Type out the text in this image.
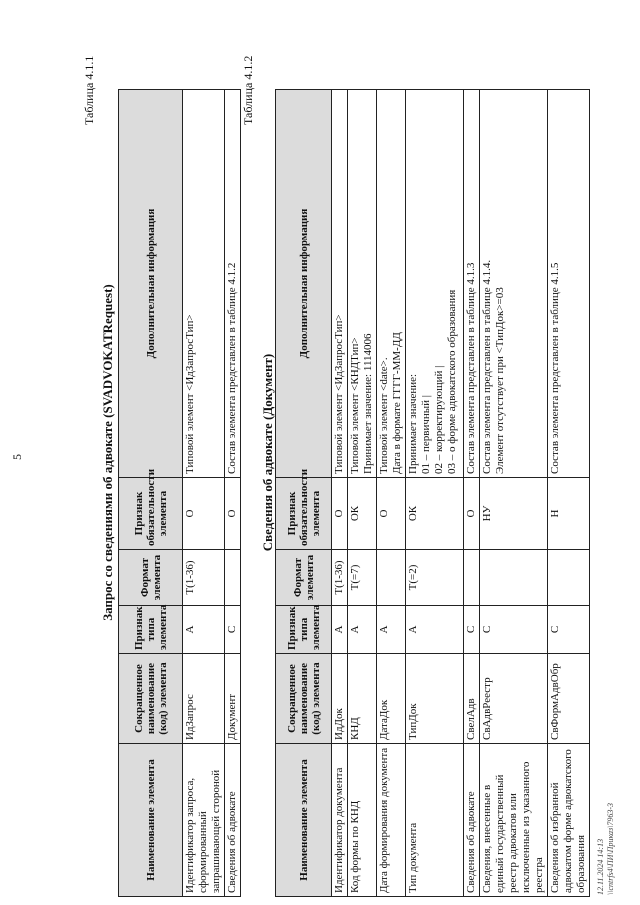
5
Таблица 4.1.1
Запрос со сведениями об адвокате (SVADVOKATRequest)
Наименование элемента	Сокращенное наименование (код) элемента	Признак типа элемента	Формат элемента	Признак обязательности элемента	Дополнительная информация
Идентификатор запроса, сформированный запрашивающей стороной	ИдЗапрос	А	Т(1-36)	О	Типовой элемент <ИдЗапросТип>
Сведения об адвокате	Документ	С		О	Состав элемента представлен в таблице 4.1.2
Таблица 4.1.2
Сведения об адвокате (Документ)
Наименование элемента	Сокращенное наименование (код) элемента	Признак типа элемента	Формат элемента	Признак обязательности элемента	Дополнительная информация
Идентификатор документа	ИдДок	А	Т(1-36)	О	Типовой элемент <ИдЗапросТип>
Код формы по КНД	КНД	А	Т(=7)	ОК	Типовой элемент <КНДТип>
Принимает значение: 1114006
Дата формирования документа	ДатаДок	А		О	Типовой элемент <date>.
Дата в формате ГГГГ-ММ-ДД
Тип документа	ТипДок	А	Т(=2)	ОК	Принимает значение:
01 – первичный |
02 – корректирующий |
03 – о форме адвокатского образования
Сведения об адвокате	СвелАдв	С		О	Состав элемента представлен в таблице 4.1.3
Сведения, внесенные в единый государственный реестр адвокатов или исключенные из указанного реестра	СвАдвРеестр	С		НУ	Состав элемента представлен в таблице 4.1.4.
Элемент отсутствует при <ТипДок>=03
Сведения об избранной адвокатом форме адвокатского образования	СвФормАдвОбр	С		Н	Состав элемента представлен в таблице 4.1.5
12.11.2024 14:13 \\cntrfs4\ПИ\Приказ\7963-3
